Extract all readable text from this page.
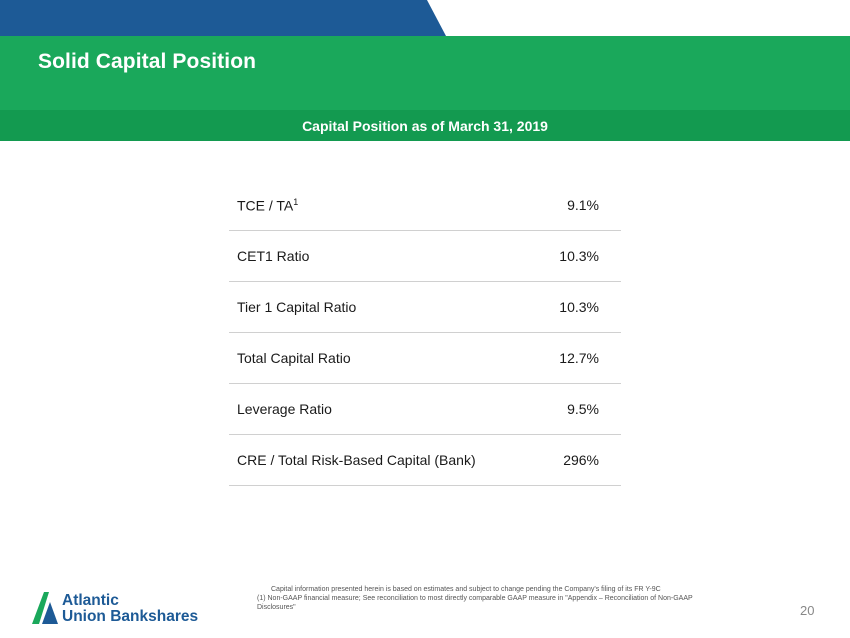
Solid Capital Position
Capital Position as of March 31, 2019
TCE / $TA^1$	9.1%
CET1 Ratio	10.3%
Tier 1 Capital Ratio	10.3%
Total Capital Ratio	12.7%
Leverage Ratio	9.5%
CRE / Total Risk-Based Capital (Bank)	296%
Atlantic
Union Bankshares
Capital information presented herein is based on estimates and subject to change pending the Company's filing of its FR Y-9C
(1) Non-GAAP financial measure; See reconciliation to most directly comparable GAAP measure in "Appendix – Reconciliation of Non-GAAP Disclosures"	20
